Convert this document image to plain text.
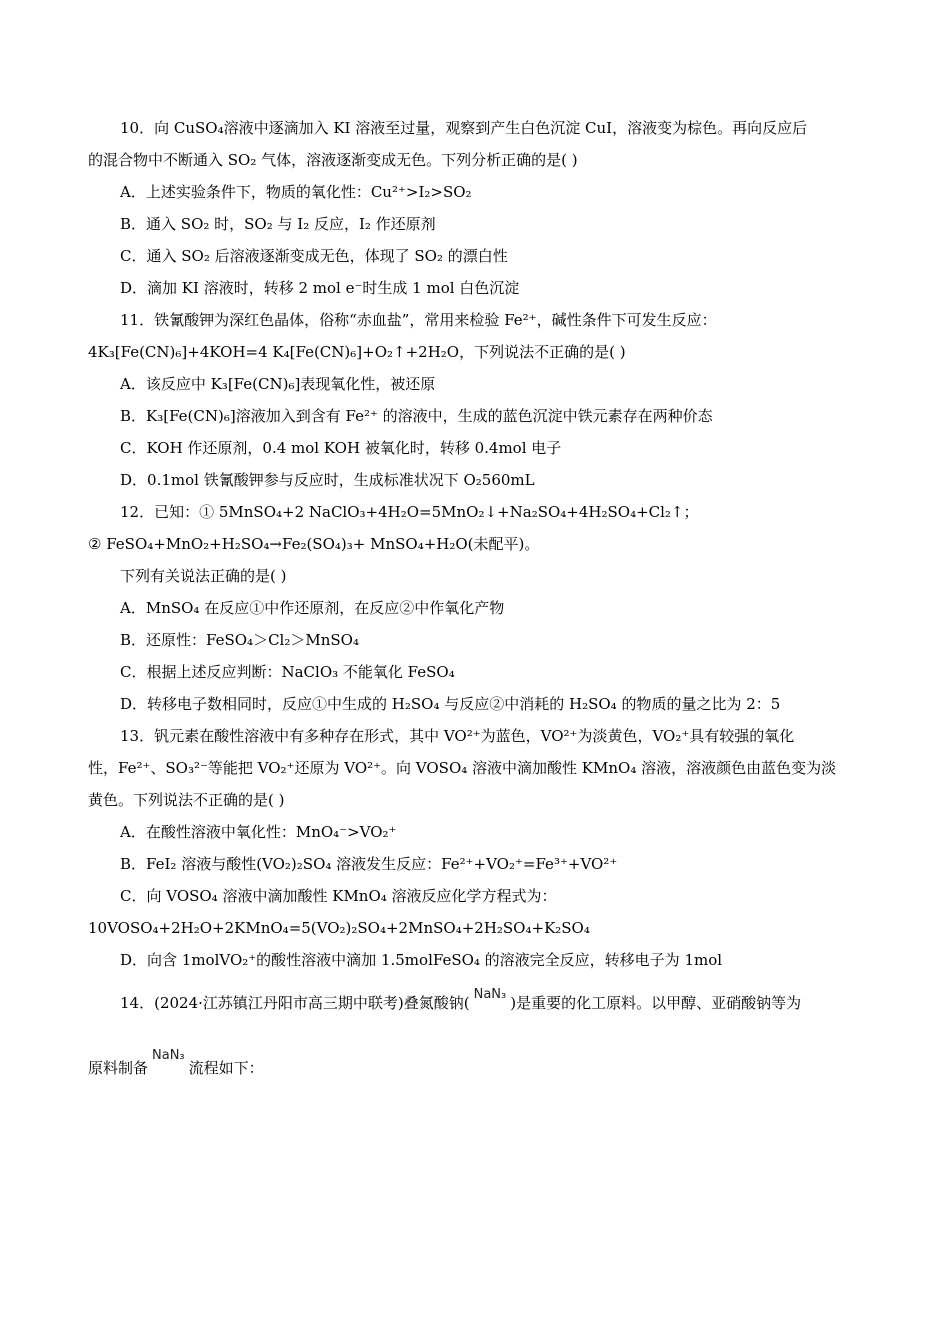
10．向 CuSO₄溶液中逐滴加入 KI 溶液至过量，观察到产生白色沉淀 CuI，溶液变为棕色。再向反应后
的混合物中不断通入 SO₂ 气体，溶液逐渐变成无色。下列分析正确的是( )
A．上述实验条件下，物质的氧化性：Cu²⁺>I₂>SO₂
B．通入 SO₂ 时，SO₂ 与 I₂ 反应，I₂ 作还原剂
C．通入 SO₂ 后溶液逐渐变成无色，体现了 SO₂ 的漂白性
D．滴加 KI 溶液时，转移 2 mol e⁻时生成 1 mol 白色沉淀
11．铁氰酸钾为深红色晶体，俗称“赤血盐”，常用来检验 Fe²⁺，碱性条件下可发生反应：
4K₃[Fe(CN)₆]+4KOH=4 K₄[Fe(CN)₆]+O₂↑+2H₂O，下列说法不正确的是( )
A．该反应中 K₃[Fe(CN)₆]表现氧化性，被还原
B．K₃[Fe(CN)₆]溶液加入到含有 Fe²⁺ 的溶液中，生成的蓝色沉淀中铁元素存在两种价态
C．KOH 作还原剂，0.4 mol KOH 被氧化时，转移 0.4mol 电子
D．0.1mol 铁氰酸钾参与反应时，生成标准状况下 O₂560mL
12．已知：① 5MnSO₄+2 NaClO₃+4H₂O=5MnO₂↓+Na₂SO₄+4H₂SO₄+Cl₂↑；
② FeSO₄+MnO₂+H₂SO₄→Fe₂(SO₄)₃+ MnSO₄+H₂O(未配平)。
下列有关说法正确的是( )
A．MnSO₄ 在反应①中作还原剂，在反应②中作氧化产物
B．还原性：FeSO₄＞Cl₂＞MnSO₄
C．根据上述反应判断：NaClO₃ 不能氧化 FeSO₄
D．转移电子数相同时，反应①中生成的 H₂SO₄ 与反应②中消耗的 H₂SO₄ 的物质的量之比为 2：5
13．钒元素在酸性溶液中有多种存在形式，其中 VO²⁺为蓝色，VO²⁺为淡黄色，VO₂⁺具有较强的氧化
性，Fe²⁺、SO₃²⁻等能把 VO₂⁺还原为 VO²⁺。向 VOSO₄ 溶液中滴加酸性 KMnO₄ 溶液，溶液颜色由蓝色变为淡
黄色。下列说法不正确的是( )
A．在酸性溶液中氧化性：MnO₄⁻>VO₂⁺
B．FeI₂ 溶液与酸性(VO₂)₂SO₄ 溶液发生反应：Fe²⁺+VO₂⁺=Fe³⁺+VO²⁺
C．向 VOSO₄ 溶液中滴加酸性 KMnO₄ 溶液反应化学方程式为：
10VOSO₄+2H₂O+2KMnO₄=5(VO₂)₂SO₄+2MnSO₄+2H₂SO₄+K₂SO₄
D．向含 1molVO₂⁺的酸性溶液中滴加 1.5molFeSO₄ 的溶液完全反应，转移电子为 1mol
14．(2024·江苏镇江丹阳市高三期中联考)叠氮酸钠( NaN₃ )是重要的化工原料。以甲醇、亚硝酸钠等为
原料制备NaN₃流程如下：
